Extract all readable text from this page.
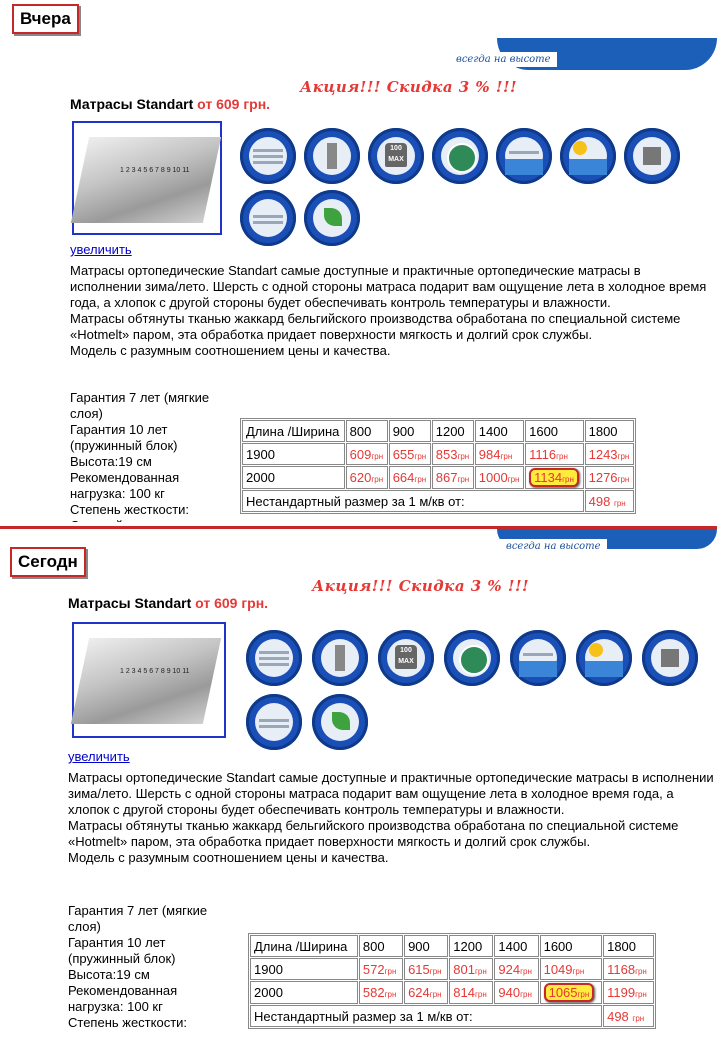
Вчера
всегда на высоте
Акция!!! Скидка 3 % !!!
Матрасы Standart от 609 грн.
1 2 3 4 5 6 7 8 9 10 11
100 MAX
увеличить

Матрасы ортопедические Standart самые доступные и практичные ортопедические матрасы в исполнении зима/лето. Шерсть с одной стороны матраса подарит вам ощущение лета в холодное время года, а хлопок с другой стороны будет обеспечивать контроль температуры и влажности.

Матрасы обтянуты тканью жаккард бельгийского производства обработана по специальной системе «Hotmelt» паром, эта обработка придает поверхности мягкость и долгий срок службы.

Модель с разумным соотношением цены и качества.

Гарантия 7 лет (мягкие слоя)
Гарантия 10 лет (пружинный блок)
Высота:19 см
Рекомендованная нагрузка: 100 кг
Степень жесткости:
Длина /Ширина	800	900	1200	1400	1600	1800
1900	609грн	655грн	853грн	984грн	1116грн	1243грн
2000	620грн	664грн	867грн	1000грн	1134грн	1276грн
Нестандартный размер за 1 м/кв от:						498 грн
Сегодн
всегда на высоте
Акция!!! Скидка 3 % !!!
Матрасы Standart от 609 грн.
1 2 3 4 5 6 7 8 9 10 11
100 MAX
увеличить

Матрасы ортопедические Standart самые доступные и практичные ортопедические матрасы в исполнении зима/лето. Шерсть с одной стороны матраса подарит вам ощущение лета в холодное время года, а хлопок с другой стороны будет обеспечивать контроль температуры и влажности.

Матрасы обтянуты тканью жаккард бельгийского производства обработана по специальной системе «Hotmelt» паром, эта обработка придает поверхности мягкость и долгий срок службы.

Модель с разумным соотношением цены и качества.

Гарантия 7 лет (мягкие слоя)
Гарантия 10 лет (пружинный блок)
Высота:19 см
Рекомендованная нагрузка: 100 кг
Степень жесткости:
Длина /Ширина	800	900	1200	1400	1600	1800
1900	572грн	615грн	801грн	924грн	1049грн	1168грн
2000	582грн	624грн	814грн	940грн	1065грн	1199грн
Нестандартный размер за 1 м/кв от:						498 грн
